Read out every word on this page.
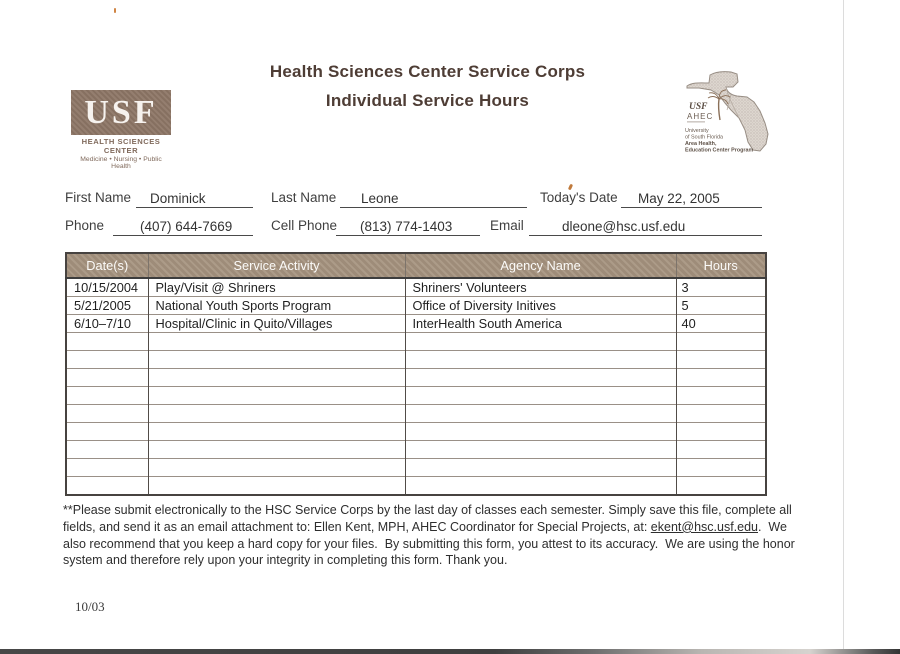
Health Sciences Center Service Corps
Individual Service Hours
USF
HEALTH SCIENCES CENTER
Medicine • Nursing • Public Health
USF
AHEC
University
of South Florida
Area Health,
Education Center Program
First Name	Dominick	Last Name	Leone	Today's Date	May 22, 2005
Phone	(407) 644-7669	Cell Phone	(813) 774-1403	Email	dleone@hsc.usf.edu
Date(s)	Service Activity	Agency Name	Hours
10/15/2004	Play/Visit @ Shriners	Shriners' Volunteers	3
5/21/2005	National Youth Sports Program	Office of Diversity Initives	5
6/10–7/10	Hospital/Clinic in Quito/Villages	InterHealth South America	40

**Please submit electronically to the HSC Service Corps by the last day of classes each semester. Simply save this file, complete all fields, and send it as an email attachment to: Ellen Kent, MPH, AHEC Coordinator for Special Projects, at: ekent@hsc.usf.edu.  We also recommend that you keep a hard copy for your files.  By submitting this form, you attest to its accuracy.  We are using the honor system and therefore rely upon your integrity in completing this form. Thank you.
10/03
